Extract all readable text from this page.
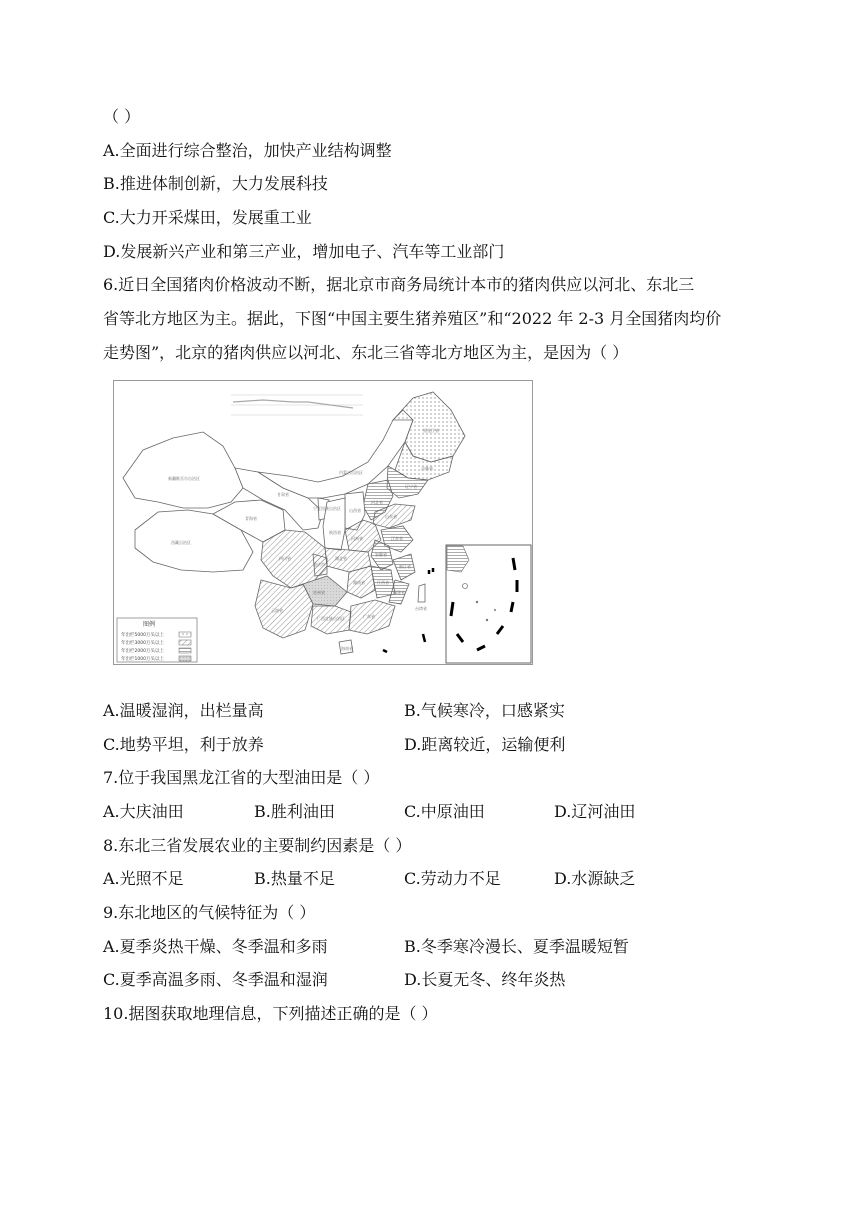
（ ）
A.全面进行综合整治，加快产业结构调整
B.推进体制创新，大力发展科技
C.大力开采煤田，发展重工业
D.发展新兴产业和第三产业，增加电子、汽车等工业部门
6.近日全国猪肉价格波动不断，据北京市商务局统计本市的猪肉供应以河北、东北三
省等北方地区为主。据此，下图“中国主要生猪养殖区”和“2022 年 2-3 月全国猪肉均价
走势图”，北京的猪肉供应以河北、东北三省等北方地区为主，是因为（ ）
新疆维吾尔自治区
西藏自治区
青海省
甘肃省
内蒙古自治区
黑龙江省
吉林省
辽宁省
河北省
山西省
宁夏回族自治区
陕西省
山东省
河南省	江苏省
安徽省
湖北省
浙江省
四川省
重庆市
湖南省	江西省
福建省
贵州省
云南省
广西壮族自治区	广东省
海南省
台湾省
图例
年出栏5000万头以上
年出栏3000万头以上
年出栏2000万头以上
年出栏1000万头以上
A.温暖湿润，出栏量高	B.气候寒冷，口感紧实
C.地势平坦，利于放养	D.距离较近，运输便利
7.位于我国黑龙江省的大型油田是（ ）
A.大庆油田	B.胜利油田	C.中原油田	D.辽河油田
8.东北三省发展农业的主要制约因素是（ ）
A.光照不足	B.热量不足	C.劳动力不足	D.水源缺乏
9.东北地区的气候特征为（ ）
A.夏季炎热干燥、冬季温和多雨	B.冬季寒冷漫长、夏季温暖短暂
C.夏季高温多雨、冬季温和湿润	D.长夏无冬、终年炎热
10.据图获取地理信息，下列描述正确的是（ ）
